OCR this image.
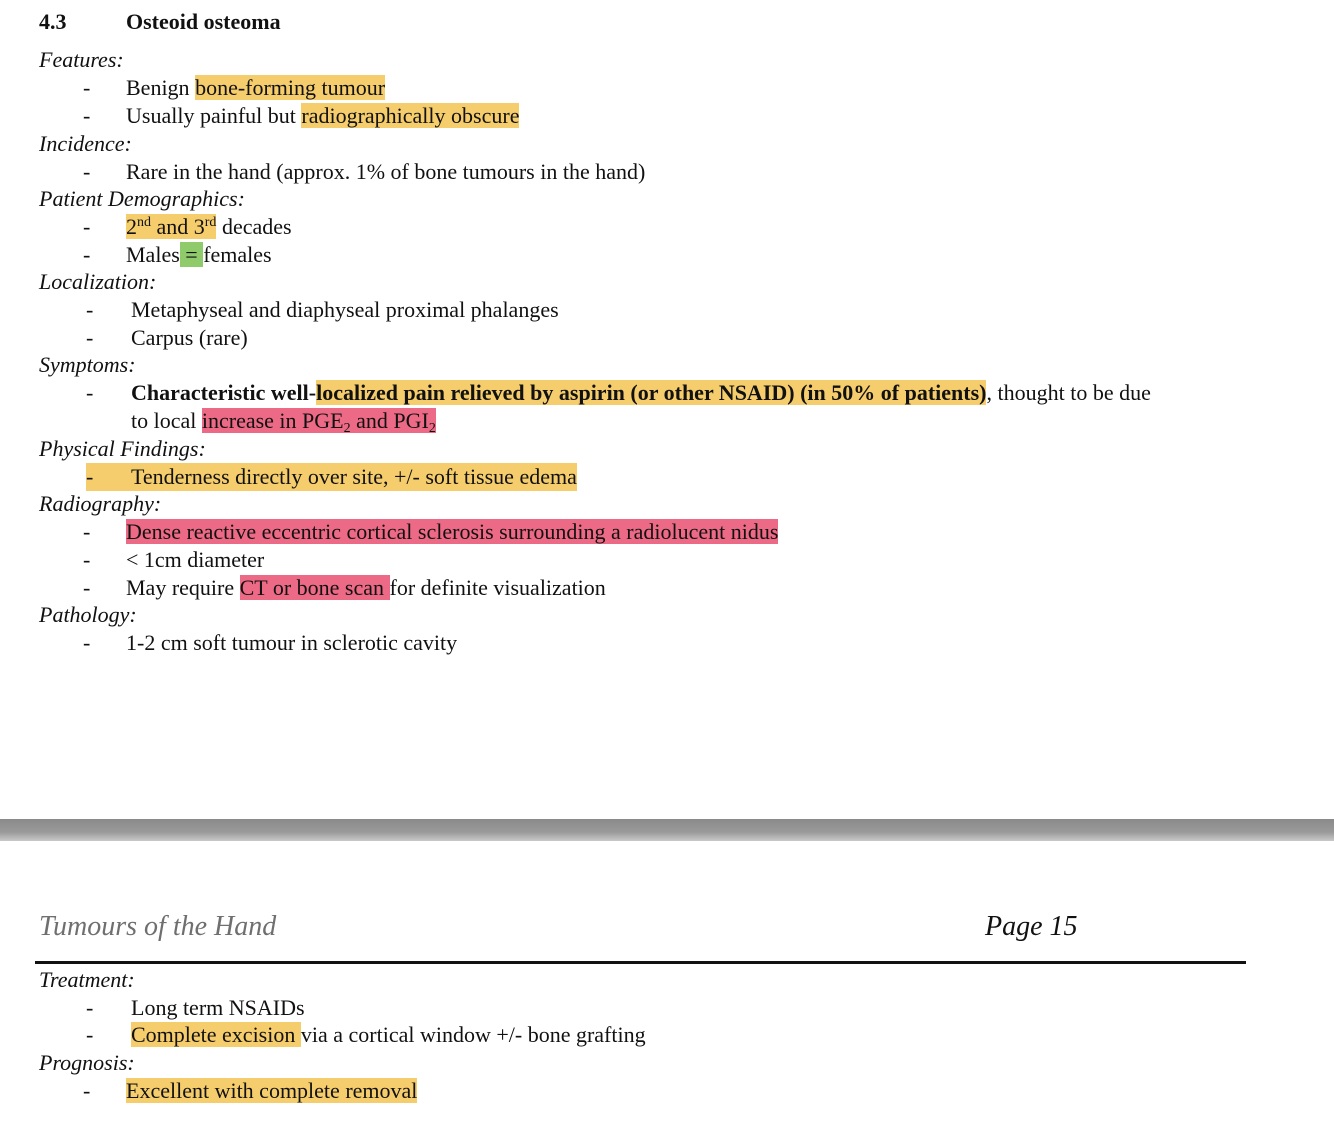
4.3	Osteoid osteoma
Features:
- Benign bone-forming tumour
- Usually painful but radiographically obscure
Incidence:
- Rare in the hand (approx. 1% of bone tumours in the hand)
Patient Demographics:
- 2nd and 3rd decades
- Males = females
Localization:
- Metaphyseal and diaphyseal proximal phalanges
- Carpus (rare)
Symptoms:
- Characteristic well-localized pain relieved by aspirin (or other NSAID) (in 50% of patients), thought to be due
to local increase in $PGE_2$ and $PGI_2$
Physical Findings:
- Tenderness directly over site, +/- soft tissue edema
Radiography:
- Dense reactive eccentric cortical sclerosis surrounding a radiolucent nidus
- < 1cm diameter
- May require CT or bone scan for definite visualization
Pathology:
- 1-2 cm soft tumour in sclerotic cavity
Tumours of the Hand	Page 15
Treatment:
- Long term NSAIDs
- Complete excision via a cortical window +/- bone grafting
Prognosis:
- Excellent with complete removal
